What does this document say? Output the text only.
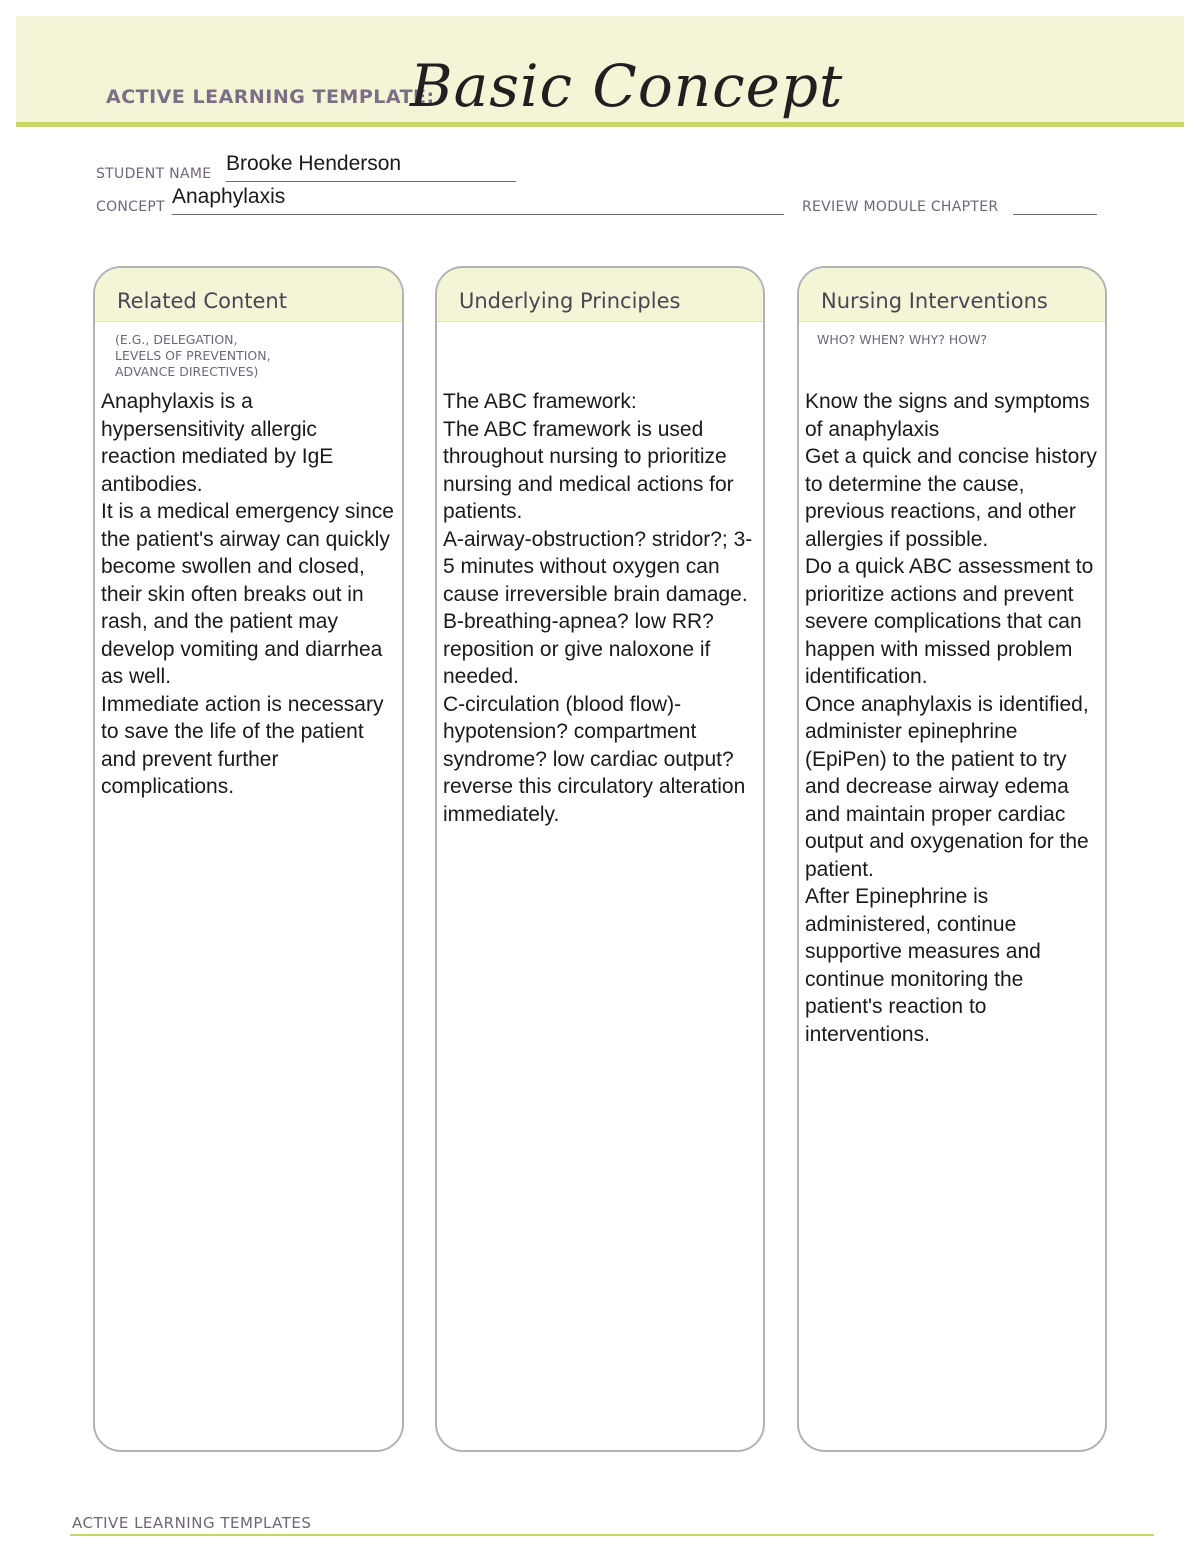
ACTIVE LEARNING TEMPLATE:
Basic Concept
STUDENT NAME Brooke Henderson
CONCEPT Anaphylaxis	REVIEW MODULE CHAPTER
Related Content
(E.G., DELEGATION,
LEVELS OF PREVENTION,
ADVANCE DIRECTIVES)

Anaphylaxis is a hypersensitivity allergic reaction mediated by IgE antibodies.

It is a medical emergency since the patient's airway can quickly become swollen and closed, their skin often breaks out in rash, and the patient may develop vomiting and diarrhea as well.

Immediate action is necessary to save the life of the patient and prevent further complications.

Underlying Principles

The ABC framework:

The ABC framework is used throughout nursing to prioritize nursing and medical actions for patients.

A-airway-obstruction? stridor?; 3-5 minutes without oxygen can cause irreversible brain damage.

B-breathing-apnea? low RR? reposition or give naloxone if needed.

C-circulation (blood flow)- hypotension? compartment syndrome? low cardiac output? reverse this circulatory alteration immediately.

Nursing Interventions
WHO? WHEN? WHY? HOW?

Know the signs and symptoms of anaphylaxis

Get a quick and concise history to determine the cause, previous reactions, and other allergies if possible.

Do a quick ABC assessment to prioritize actions and prevent severe complications that can happen with missed problem identification.

Once anaphylaxis is identified, administer epinephrine (EpiPen) to the patient to try and decrease airway edema and maintain proper cardiac output and oxygenation for the patient.

After Epinephrine is administered, continue supportive measures and continue monitoring the patient's reaction to interventions.

ACTIVE LEARNING TEMPLATES
